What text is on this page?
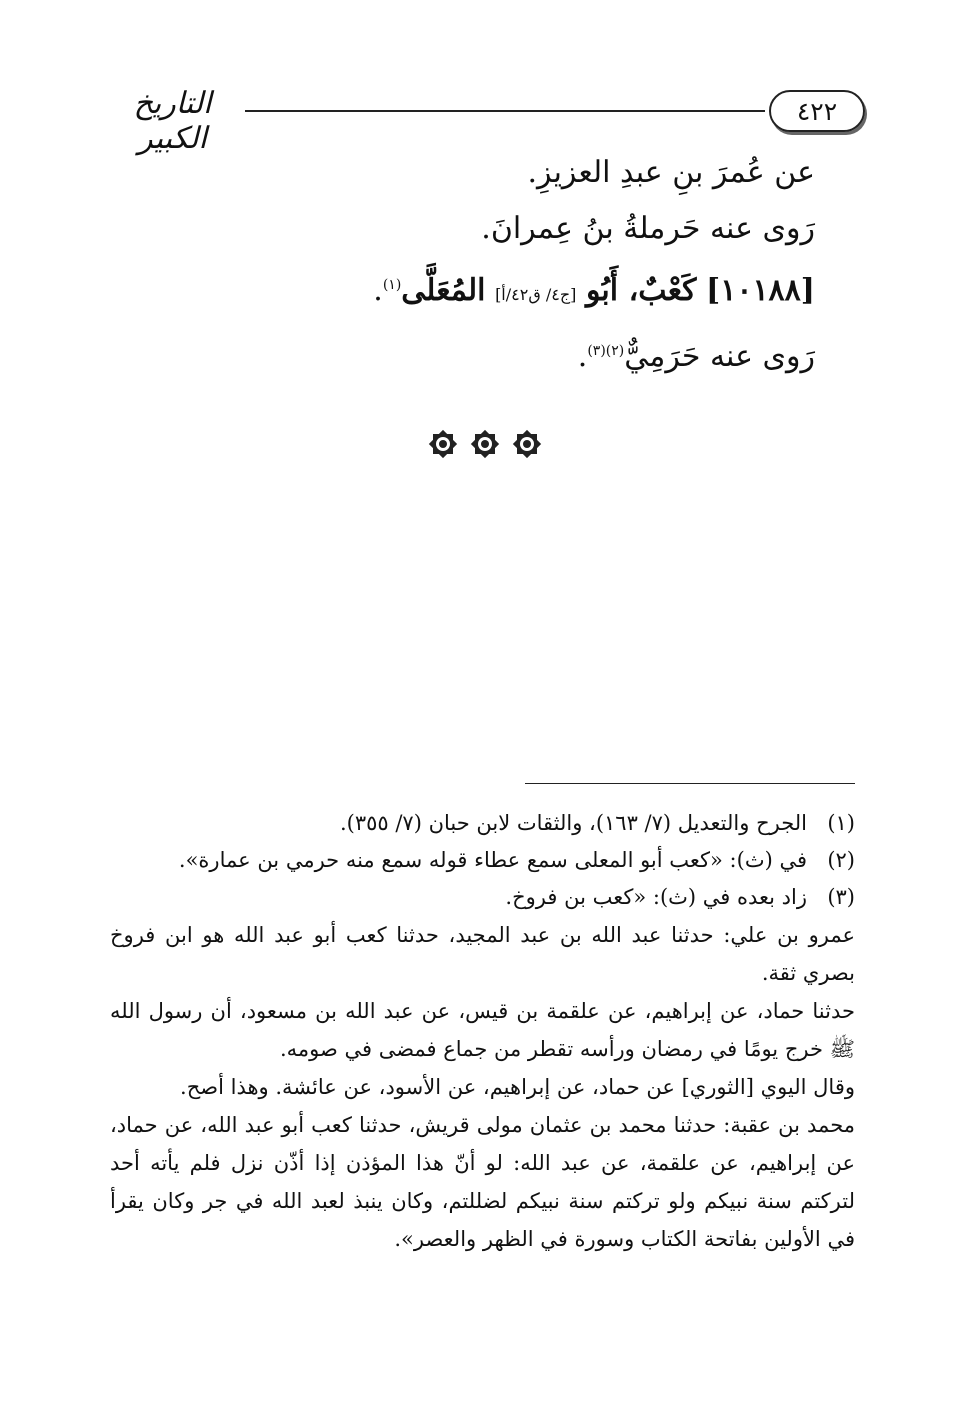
٤٢٢
التاريخ الكبير
عن عُمرَ بنِ عبدِ العزيزِ.
رَوى عنه حَرملةُ بنُ عِمرانَ.
[١٠١٨٨] كَعْبٌ، أَبُو [ج٤/ ق٤٢/أ] المُعَلَّى$^{(١)}$.
رَوى عنه حَرَمِيٌّ$^{(٢)(٣)}$.
(١)
الجرح والتعديل (٧/ ١٦٣)، والثقات لابن حبان (٧/ ٣٥٥).
(٢)
في (ث): «كعب أبو المعلى سمع عطاء قوله سمع منه حرمي بن عمارة».
(٣)
زاد بعده في (ث): «كعب بن فروخ.

عمرو بن علي: حدثنا عبد الله بن عبد المجيد، حدثنا كعب أبو عبد الله هو ابن فروخ بصري ثقة.

حدثنا حماد، عن إبراهيم، عن علقمة بن قيس، عن عبد الله بن مسعود، أن رسول الله ﷺ خرج يومًا في رمضان ورأسه تقطر من جماع فمضى في صومه.

وقال اليوي [الثوري] عن حماد، عن إبراهيم، عن الأسود، عن عائشة. وهذا أصح.

محمد بن عقبة: حدثنا محمد بن عثمان مولى قريش، حدثنا كعب أبو عبد الله، عن حماد، عن إبراهيم، عن علقمة، عن عبد الله: لو أنّ هذا المؤذن إذا أذّن نزل فلم يأته أحد لتركتم سنة نبيكم ولو تركتم سنة نبيكم لضللتم، وكان ينبذ لعبد الله في جر وكان يقرأ في الأولين بفاتحة الكتاب وسورة في الظهر والعصر».
